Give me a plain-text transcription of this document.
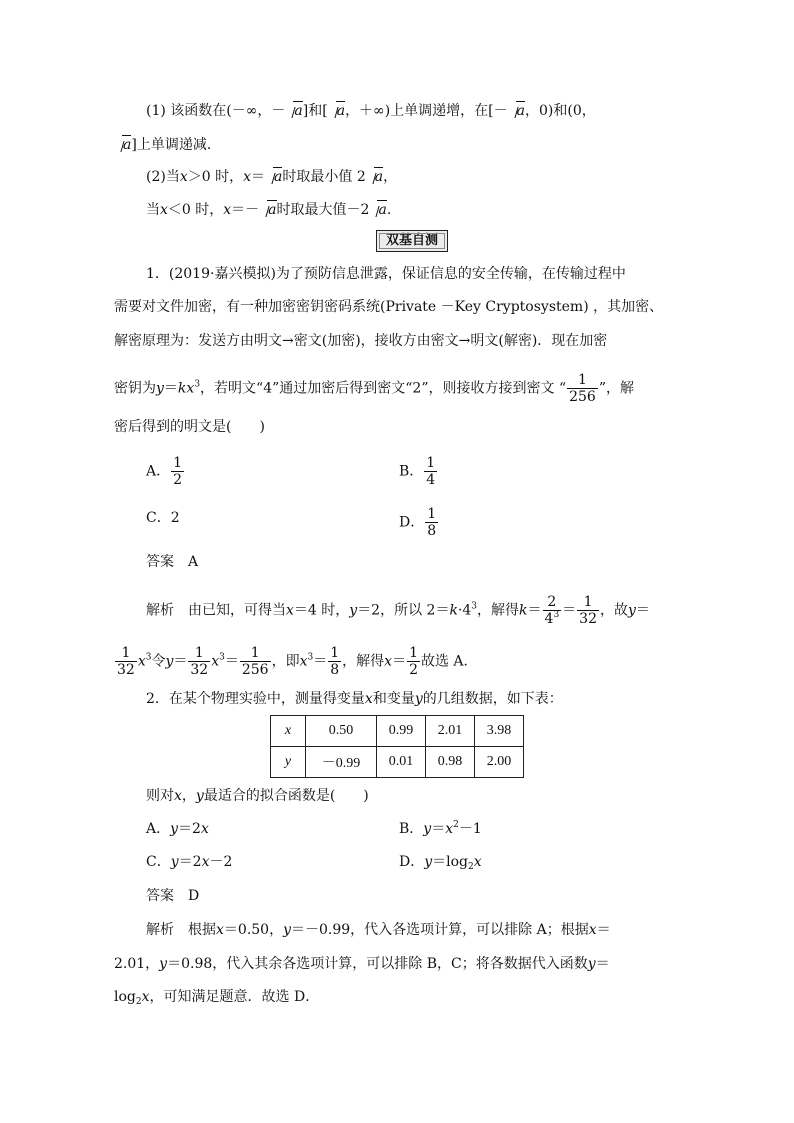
(1) 该函数在(－∞，－ a]和[ a，＋∞)上单调递增，在[－ a，0)和(0，
a]上单调递减．
(2)当x＞0 时，x＝ a时取最小值 2 a，
当x＜0 时，x＝－ a时取最大值－2 a.
双基自测
1．(2019·嘉兴模拟)为了预防信息泄露，保证信息的安全传输，在传输过程中
需要对文件加密，有一种加密密钥密码系统(Private －Key Cryptosystem) ，其加密、
解密原理为：发送方由明文→密文(加密)，接收方由密文→明文(解密)．现在加密
密钥为$y=kx^3$，若明文“4”通过加密后得到密文“2”，则接收方接到密文 “ $\frac{1}{256}$ ”，解
密后得到的明文是(　　)
A． $\frac{1}{2}$	B． $\frac{1}{4}$
C．2	D． $\frac{1}{8}$
答案　 A
解析　 由已知，可得当x＝4 时，y＝2，所以 $2=k\cdot 4^3$，解得$k= \frac{2}{4^3} = \frac{1}{32}$ ，故y＝
$\frac{1}{32} x^3$令$y= \frac{1}{32} x^3= \frac{1}{256}$ ，即$x^3= \frac{1}{8}$ ，解得$x= \frac{1}{2}$ 故选 A．
2．在某个物理实验中，测量得变量x和变量y的几组数据，如下表：
x	0.50	0.99	2.01	3.98
y	－0.99	0.01	0.98	2.00
则对x，y最适合的拟合函数是(　　)
A．y＝2x	B．$y=x^2-1$
C．y＝2x－2	D．$y=\log_2x$
答案　 D
解析　 根据x＝0.50，y＝－0.99，代入各选项计算，可以排除 A；根据x＝
2.01，y＝0.98，代入其余各选项计算，可以排除 B，C；将各数据代入函数y＝
$\log_2x$，可知满足题意．故选 D．
